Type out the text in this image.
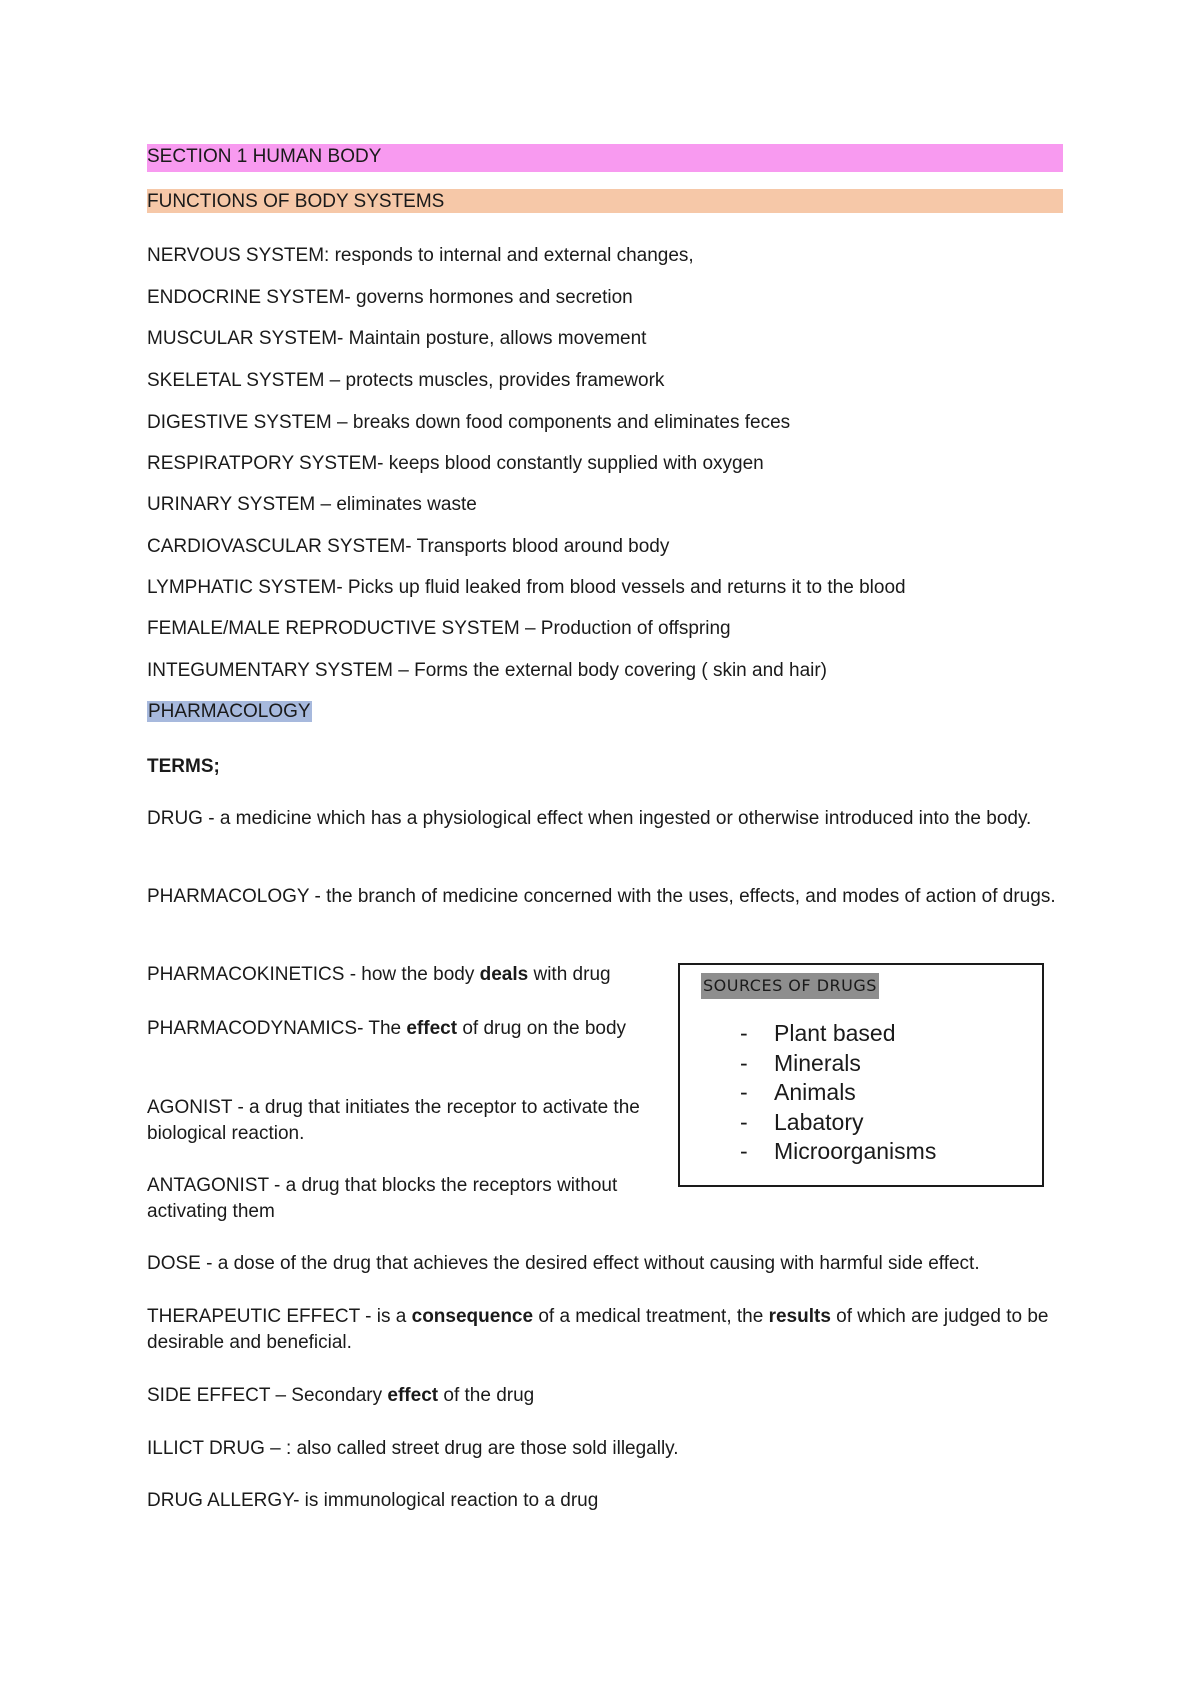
SECTION 1 HUMAN BODY
FUNCTIONS OF BODY SYSTEMS
NERVOUS SYSTEM: responds to internal and external changes,
ENDOCRINE SYSTEM- governs hormones and secretion
MUSCULAR SYSTEM- Maintain posture, allows movement
SKELETAL SYSTEM – protects muscles, provides framework
DIGESTIVE SYSTEM – breaks down food components and eliminates feces
RESPIRATPORY SYSTEM- keeps blood constantly supplied with oxygen
URINARY SYSTEM – eliminates waste
CARDIOVASCULAR SYSTEM- Transports blood around body
LYMPHATIC SYSTEM- Picks up fluid leaked from blood vessels and returns it to the blood
FEMALE/MALE REPRODUCTIVE SYSTEM – Production of offspring
INTEGUMENTARY SYSTEM – Forms the external body covering ( skin and hair)
PHARMACOLOGY
TERMS;
DRUG - a medicine which has a physiological effect when ingested or otherwise introduced into the body.
PHARMACOLOGY - the branch of medicine concerned with the uses, effects, and modes of action of drugs.
PHARMACOKINETICS - how the body deals with drug
PHARMACODYNAMICS- The effect of drug on the body
AGONIST - a drug that initiates the receptor to activate the biological reaction.
ANTAGONIST - a drug that blocks the receptors without activating them
DOSE - a dose of the drug that achieves the desired effect without causing with harmful side effect.
THERAPEUTIC EFFECT - is a consequence of a medical treatment, the results of which are judged to be desirable and beneficial.
SIDE EFFECT – Secondary effect of the drug
ILLICT DRUG – : also called street drug are those sold illegally.
DRUG ALLERGY- is immunological reaction to a drug
SOURCES OF DRUGS
- Plant based
- Minerals
- Animals
- Labatory
- Microorganisms
